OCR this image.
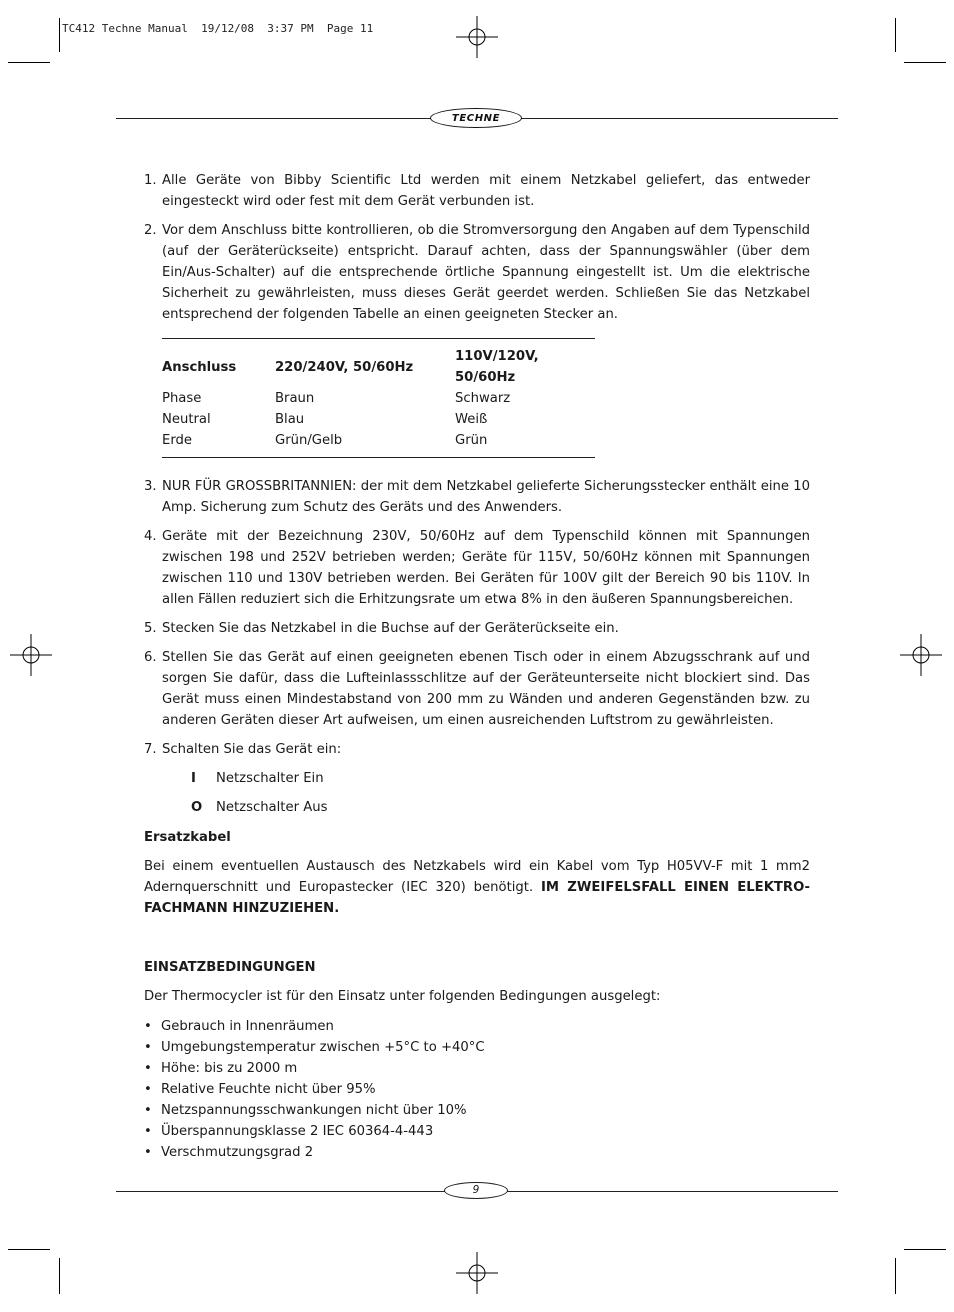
TC412 Techne Manual  19/12/08  3:37 PM  Page 11
TECHNE
1. Alle Geräte von Bibby Scientific Ltd werden mit einem Netzkabel geliefert, das entweder eingesteckt wird oder fest mit dem Gerät verbunden ist.
2. Vor dem Anschluss bitte kontrollieren, ob die Stromversorgung den Angaben auf dem Typenschild (auf der Geräterückseite) entspricht. Darauf achten, dass der Spannungswähler (über dem Ein/Aus-Schalter) auf die entsprechende örtliche Spannung eingestellt ist. Um die elektrische Sicherheit zu gewährleisten, muss dieses Gerät geerdet werden. Schließen Sie das Netzkabel entsprechend der folgenden Tabelle an einen geeigneten Stecker an.
Anschluss	220/240V, 50/60Hz	110V/120V, 50/60Hz
Phase	Braun	Schwarz
Neutral	Blau	Weiß
Erde	Grün/Gelb	Grün
3. NUR FÜR GROSSBRITANNIEN: der mit dem Netzkabel gelieferte Sicherungsstecker enthält eine 10 Amp. Sicherung zum Schutz des Geräts und des Anwenders.
4. Geräte mit der Bezeichnung 230V, 50/60Hz auf dem Typenschild können mit Spannungen zwischen 198 und 252V betrieben werden; Geräte für 115V, 50/60Hz können mit Spannungen zwischen 110 und 130V betrieben werden. Bei Geräten für 100V gilt der Bereich 90 bis 110V. In allen Fällen reduziert sich die Erhitzungsrate um etwa 8% in den äußeren Spannungsbereichen.
5. Stecken Sie das Netzkabel in die Buchse auf der Geräterückseite ein.
6. Stellen Sie das Gerät auf einen geeigneten ebenen Tisch oder in einem Abzugsschrank auf und sorgen Sie dafür, dass die Lufteinlassschlitze auf der Geräteunterseite nicht blockiert sind. Das Gerät muss einen Mindestabstand von 200 mm zu Wänden und anderen Gegenständen bzw. zu anderen Geräten dieser Art aufweisen, um einen ausreichenden Luftstrom zu gewährleisten.
7. Schalten Sie das Gerät ein:
I	Netzschalter Ein
O	Netzschalter Aus
Ersatzkabel
Bei einem eventuellen Austausch des Netzkabels wird ein Kabel vom Typ H05VV-F mit 1 mm2 Adernquerschnitt und Europastecker (IEC 320) benötigt. IM ZWEIFELSFALL EINEN ELEKTRO-FACHMANN HINZUZIEHEN.
EINSATZBEDINGUNGEN
Der Thermocycler ist für den Einsatz unter folgenden Bedingungen ausgelegt:
• Gebrauch in Innenräumen
• Umgebungstemperatur zwischen +5°C to +40°C
• Höhe: bis zu 2000 m
• Relative Feuchte nicht über 95%
• Netzspannungsschwankungen nicht über 10%
• Überspannungsklasse 2 IEC 60364-4-443
• Verschmutzungsgrad 2
9
